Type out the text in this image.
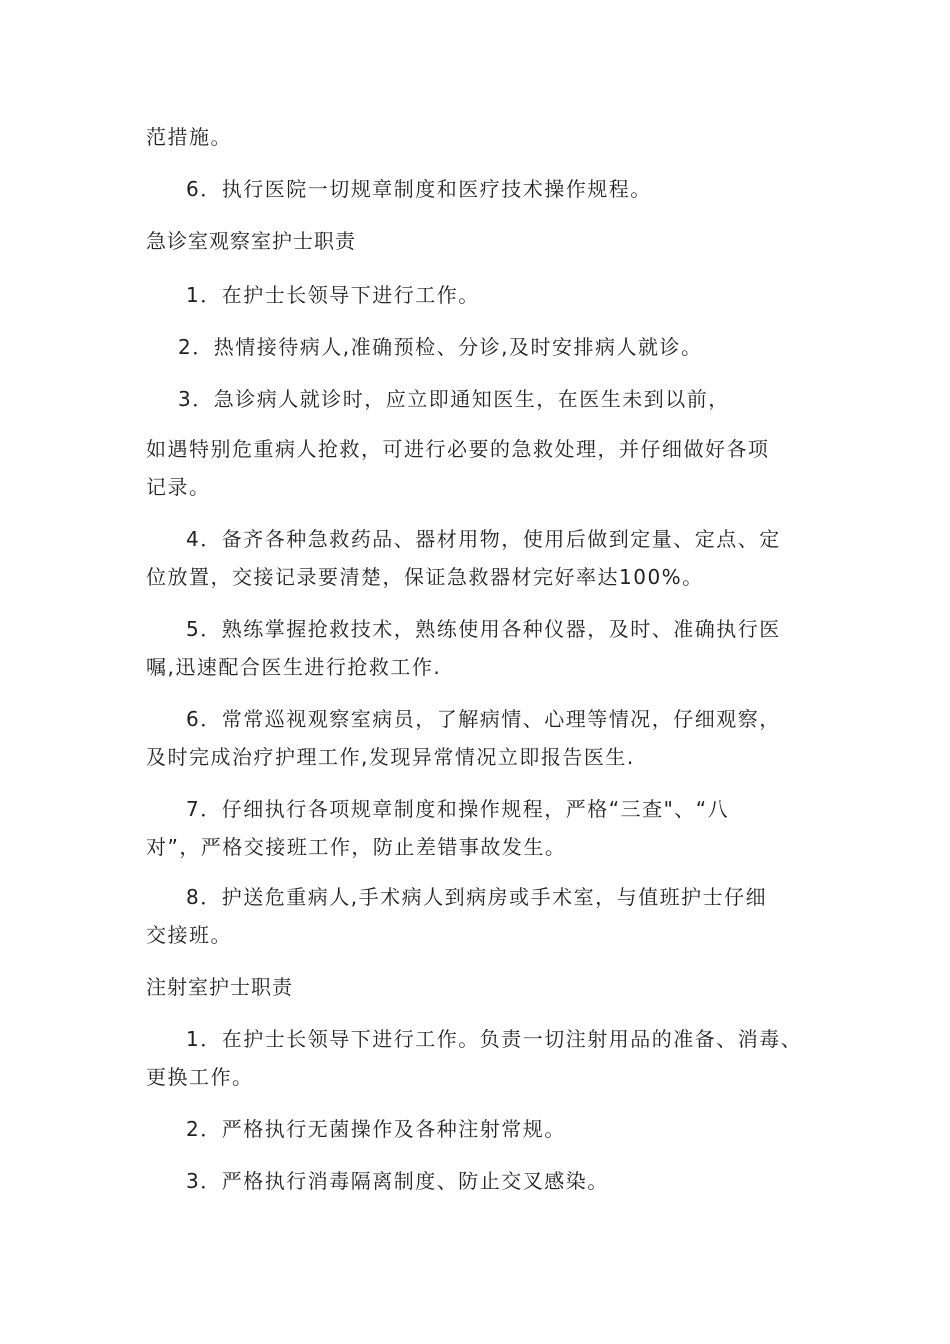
范措施。
6．执行医院一切规章制度和医疗技术操作规程。
急诊室观察室护士职责
1．在护士长领导下进行工作。
2．热情接待病人,准确预检、分诊,及时安排病人就诊。
3．急诊病人就诊时，应立即通知医生，在医生未到以前，
如遇特别危重病人抢救，可进行必要的急救处理，并仔细做好各项
记录。
4．备齐各种急救药品、器材用物，使用后做到定量、定点、定
位放置，交接记录要清楚，保证急救器材完好率达100%。
5．熟练掌握抢救技术，熟练使用各种仪器，及时、准确执行医
嘱,迅速配合医生进行抢救工作.
6．常常巡视观察室病员，了解病情、心理等情况，仔细观察，
及时完成治疗护理工作,发现异常情况立即报告医生.
7．仔细执行各项规章制度和操作规程，严格“三查"、“八
对”，严格交接班工作，防止差错事故发生。
8．护送危重病人,手术病人到病房或手术室，与值班护士仔细
交接班。
注射室护士职责
1．在护士长领导下进行工作。负责一切注射用品的准备、消毒、
更换工作。
2．严格执行无菌操作及各种注射常规。
3．严格执行消毒隔离制度、防止交叉感染。
